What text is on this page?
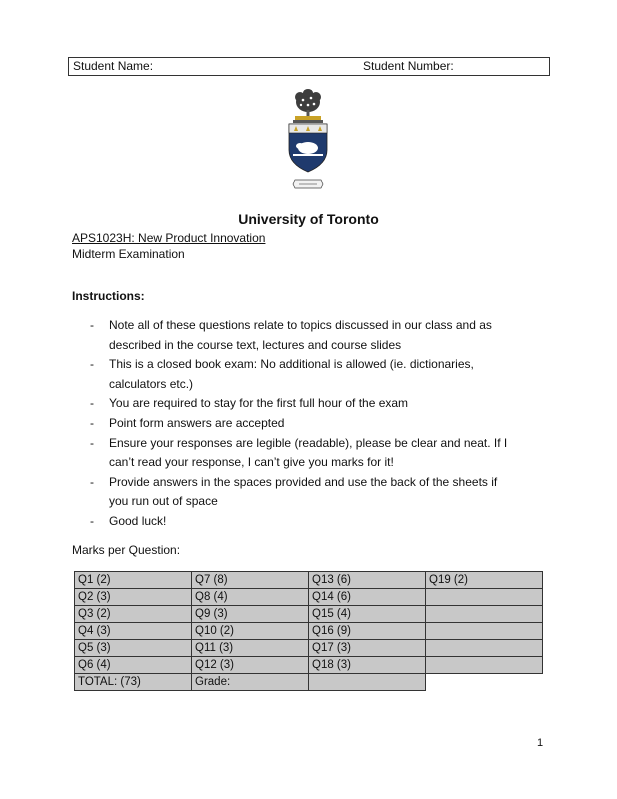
Student Name:	Student Number:
University of Toronto
APS1023H: New Product Innovation
Midterm Examination
Instructions:
- Note all of these questions relate to topics discussed in our class and as
described in the course text, lectures and course slides
- This is a closed book exam: No additional is allowed (ie. dictionaries,
calculators etc.)
- You are required to stay for the first full hour of the exam
- Point form answers are accepted
- Ensure your responses are legible (readable), please be clear and neat. If I
can’t read your response, I can’t give you marks for it!
- Provide answers in the spaces provided and use the back of the sheets if
you run out of space
- Good luck!
Marks per Question:
Q1 (2)	Q7 (8)	Q13 (6)	Q19 (2)
Q2 (3)	Q8 (4)	Q14 (6)	
Q3 (2)	Q9 (3)	Q15 (4)	
Q4 (3)	Q10 (2)	Q16 (9)	
Q5 (3)	Q11 (3)	Q17 (3)	
Q6 (4)	Q12 (3)	Q18 (3)	
TOTAL: (73)	Grade:		
1
